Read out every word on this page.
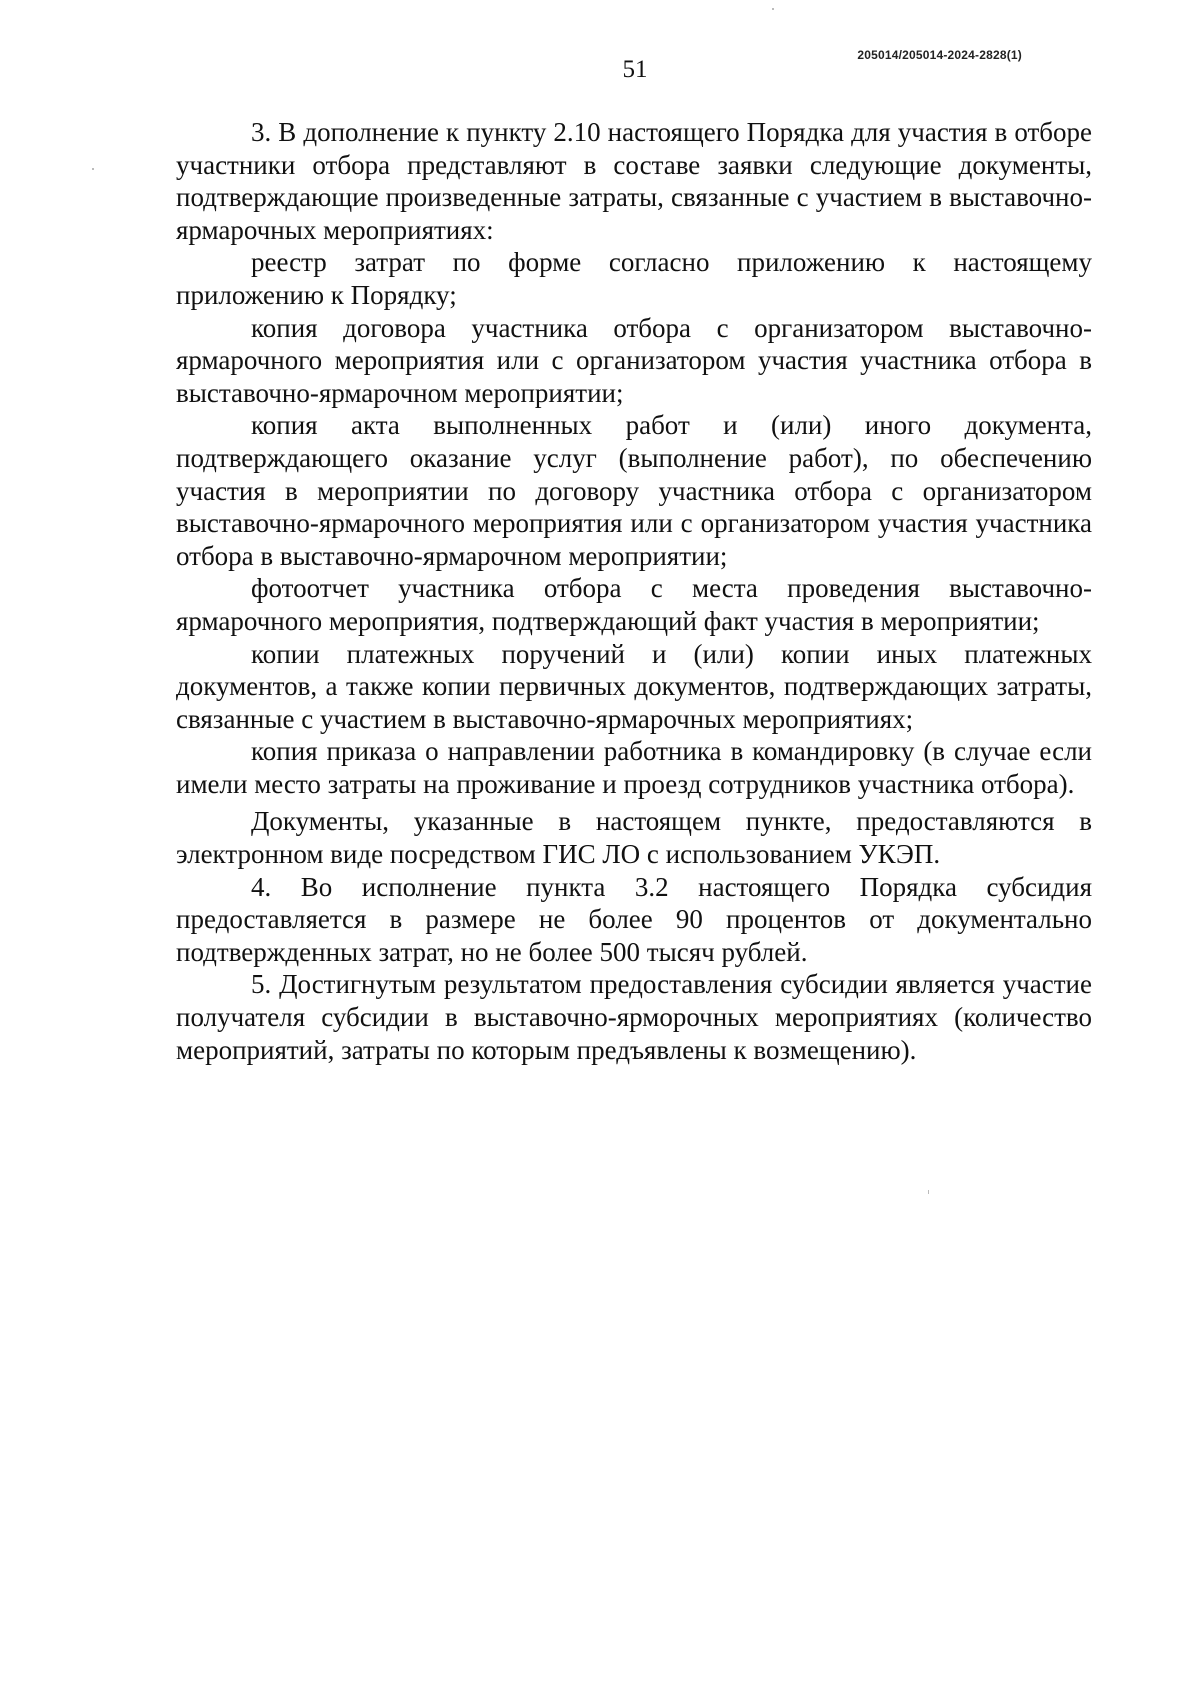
205014/205014-2024-2828(1)
51

3. В дополнение к пункту 2.10 настоящего Порядка для участия в отборе участники отбора представляют в составе заявки следующие документы, подтверждающие произведенные затраты, связанные с участием в выставочно-ярмарочных мероприятиях:

реестр затрат по форме согласно приложению к настоящему приложению к Порядку;

копия договора участника отбора с организатором выставочно-ярмарочного мероприятия или с организатором участия участника отбора в выставочно-ярмарочном мероприятии;

копия акта выполненных работ и (или) иного документа, подтверждающего оказание услуг (выполнение работ), по обеспечению участия в мероприятии по договору участника отбора с организатором выставочно-ярмарочного мероприятия или с организатором участия участника отбора в выставочно-ярмарочном мероприятии;

фотоотчет участника отбора с места проведения выставочно-ярмарочного мероприятия, подтверждающий факт участия в мероприятии;

копии платежных поручений и (или) копии иных платежных документов, а также копии первичных документов, подтверждающих затраты, связанные с участием в выставочно-ярмарочных мероприятиях;

копия приказа о направлении работника в командировку (в случае если имели место затраты на проживание и проезд сотрудников участника отбора).

Документы, указанные в настоящем пункте, предоставляются в электронном виде посредством ГИС ЛО с использованием УКЭП.

4. Во исполнение пункта 3.2 настоящего Порядка субсидия предоставляется в размере не более 90 процентов от документально подтвержденных затрат, но не более 500 тысяч рублей.

5. Достигнутым результатом предоставления субсидии является участие получателя субсидии в выставочно-ярморочных мероприятиях (количество мероприятий, затраты по которым предъявлены к возмещению).
